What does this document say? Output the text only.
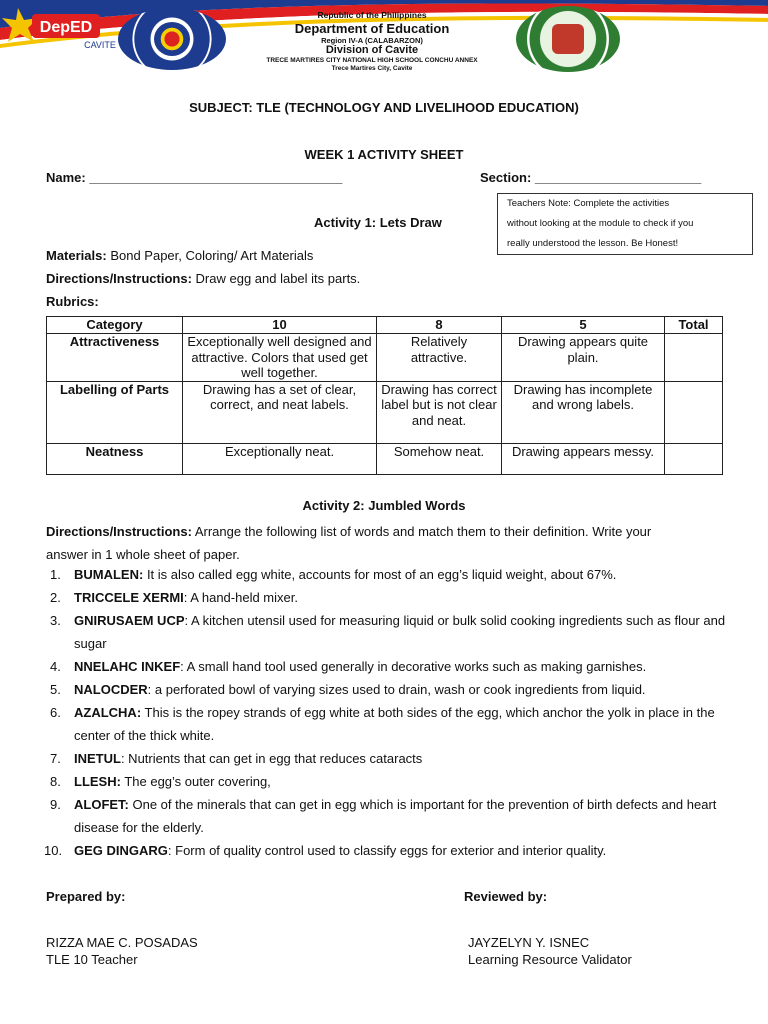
DepED
CAVITE
Republic of the Philippines
Department of Education
Region IV-A (CALABARZON)
Division of Cavite
TRECE MARTIRES CITY NATIONAL HIGH SCHOOL CONCHU ANNEX
Trece Martires City, Cavite
SUBJECT: TLE (TECHNOLOGY AND LIVELIHOOD EDUCATION)
WEEK 1 ACTIVITY SHEET
Name: ___________________________________	Section: _______________________
Teachers Note: Complete the activities
without looking at the module to check if you
really understood the lesson. Be Honest!
Activity 1: Lets Draw
Materials: Bond Paper, Coloring/ Art Materials
Directions/Instructions: Draw egg and label its parts.
Rubrics:
Category	10	8	5	Total
Attractiveness	Exceptionally well designed and attractive. Colors that used get well together.	Relatively attractive.	Drawing appears quite plain.	
Labelling of Parts	Drawing has a set of clear, correct, and neat labels.	Drawing has correct label but is not clear and neat.	Drawing has incomplete and wrong labels.	
Neatness	Exceptionally neat.	Somehow neat.	Drawing appears messy.	
Activity 2: Jumbled Words
Directions/Instructions: Arrange the following list of words and match them to their definition. Write your
answer in 1 whole sheet of paper.
1. BUMALEN: It is also called egg white, accounts for most of an egg’s liquid weight, about 67%.
2. TRICCELE XERMI: A hand-held mixer.
3. GNIRUSAEM UCP: A kitchen utensil used for measuring liquid or bulk solid cooking ingredients such as flour and sugar
4. NNELAHC INKEF: A small hand tool used generally in decorative works such as making garnishes.
5. NALOCDER: a perforated bowl of varying sizes used to drain, wash or cook ingredients from liquid.
6. AZALCHA: This is the ropey strands of egg white at both sides of the egg, which anchor the yolk in place in the center of the thick white.
7. INETUL: Nutrients that can get in egg that reduces cataracts
8. LLESH: The egg’s outer covering,
9. ALOFET: One of the minerals that can get in egg which is important for the prevention of birth defects and heart disease for the elderly.
10. GEG DINGARG: Form of quality control used to classify eggs for exterior and interior quality.
Prepared by:	Reviewed by:
RIZZA MAE C. POSADAS
TLE 10 Teacher
JAYZELYN Y. ISNEC
Learning Resource Validator
